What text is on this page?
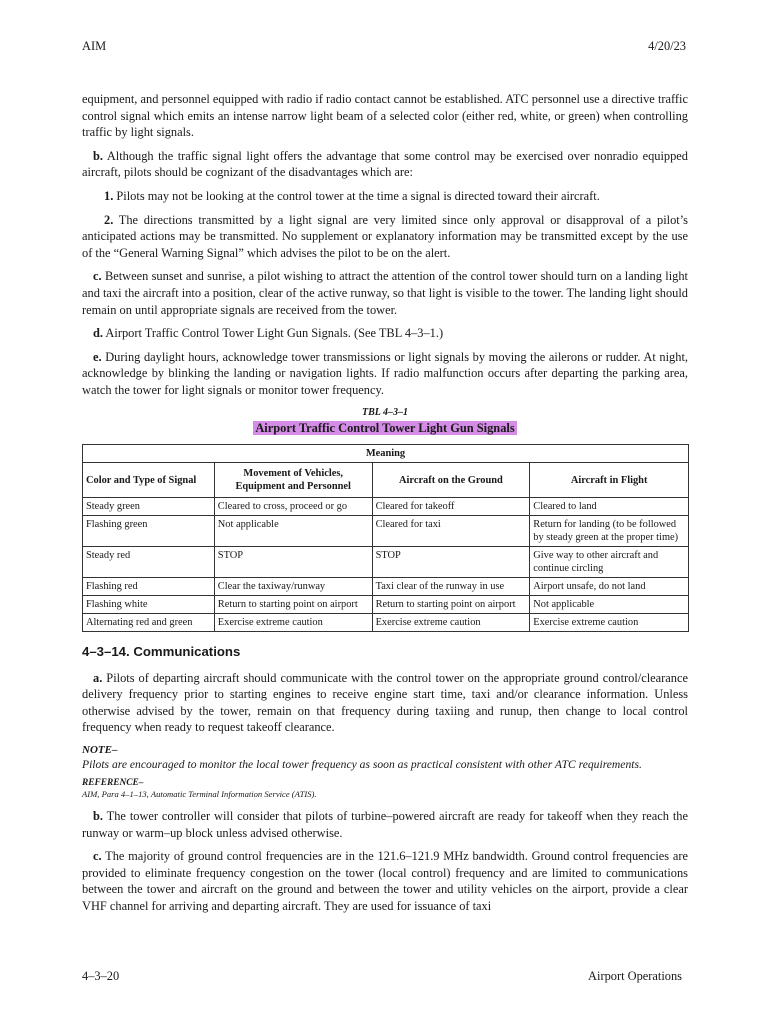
AIM	4/20/23

equipment, and personnel equipped with radio if radio contact cannot be established. ATC personnel use a directive traffic control signal which emits an intense narrow light beam of a selected color (either red, white, or green) when controlling traffic by light signals.

b. Although the traffic signal light offers the advantage that some control may be exercised over nonradio equipped aircraft, pilots should be cognizant of the disadvantages which are:

1. Pilots may not be looking at the control tower at the time a signal is directed toward their aircraft.

2. The directions transmitted by a light signal are very limited since only approval or disapproval of a pilot’s anticipated actions may be transmitted. No supplement or explanatory information may be transmitted except by the use of the “General Warning Signal” which advises the pilot to be on the alert.

c. Between sunset and sunrise, a pilot wishing to attract the attention of the control tower should turn on a landing light and taxi the aircraft into a position, clear of the active runway, so that light is visible to the tower. The landing light should remain on until appropriate signals are received from the tower.

d. Airport Traffic Control Tower Light Gun Signals. (See TBL 4–3–1.)

e. During daylight hours, acknowledge tower transmissions or light signals by moving the ailerons or rudder. At night, acknowledge by blinking the landing or navigation lights. If radio malfunction occurs after departing the parking area, watch the tower for light signals or monitor tower frequency.

TBL 4–3–1
Airport Traffic Control Tower Light Gun Signals
Meaning			
Color and Type of Signal	Movement of Vehicles, Equipment and Personnel	Aircraft on the Ground	Aircraft in Flight
Steady green	Cleared to cross, proceed or go	Cleared for takeoff	Cleared to land
Flashing green	Not applicable	Cleared for taxi	Return for landing (to be followed by steady green at the proper time)
Steady red	STOP	STOP	Give way to other aircraft and continue circling
Flashing red	Clear the taxiway/runway	Taxi clear of the runway in use	Airport unsafe, do not land
Flashing white	Return to starting point on airport	Return to starting point on airport	Not applicable
Alternating red and green	Exercise extreme caution	Exercise extreme caution	Exercise extreme caution
4–3–14. Communications

a. Pilots of departing aircraft should communicate with the control tower on the appropriate ground control/clearance delivery frequency prior to starting engines to receive engine start time, taxi and/or clearance information. Unless otherwise advised by the tower, remain on that frequency during taxiing and runup, then change to local control frequency when ready to request takeoff clearance.

NOTE–
Pilots are encouraged to monitor the local tower frequency as soon as practical consistent with other ATC requirements.
REFERENCE–
AIM, Para 4–1–13, Automatic Terminal Information Service (ATIS).

b. The tower controller will consider that pilots of turbine–powered aircraft are ready for takeoff when they reach the runway or warm–up block unless advised otherwise.

c. The majority of ground control frequencies are in the 121.6–121.9 MHz bandwidth. Ground control frequencies are provided to eliminate frequency congestion on the tower (local control) frequency and are limited to communications between the tower and aircraft on the ground and between the tower and utility vehicles on the airport, provide a clear VHF channel for arriving and departing aircraft. They are used for issuance of taxi

4–3–20	Airport Operations
